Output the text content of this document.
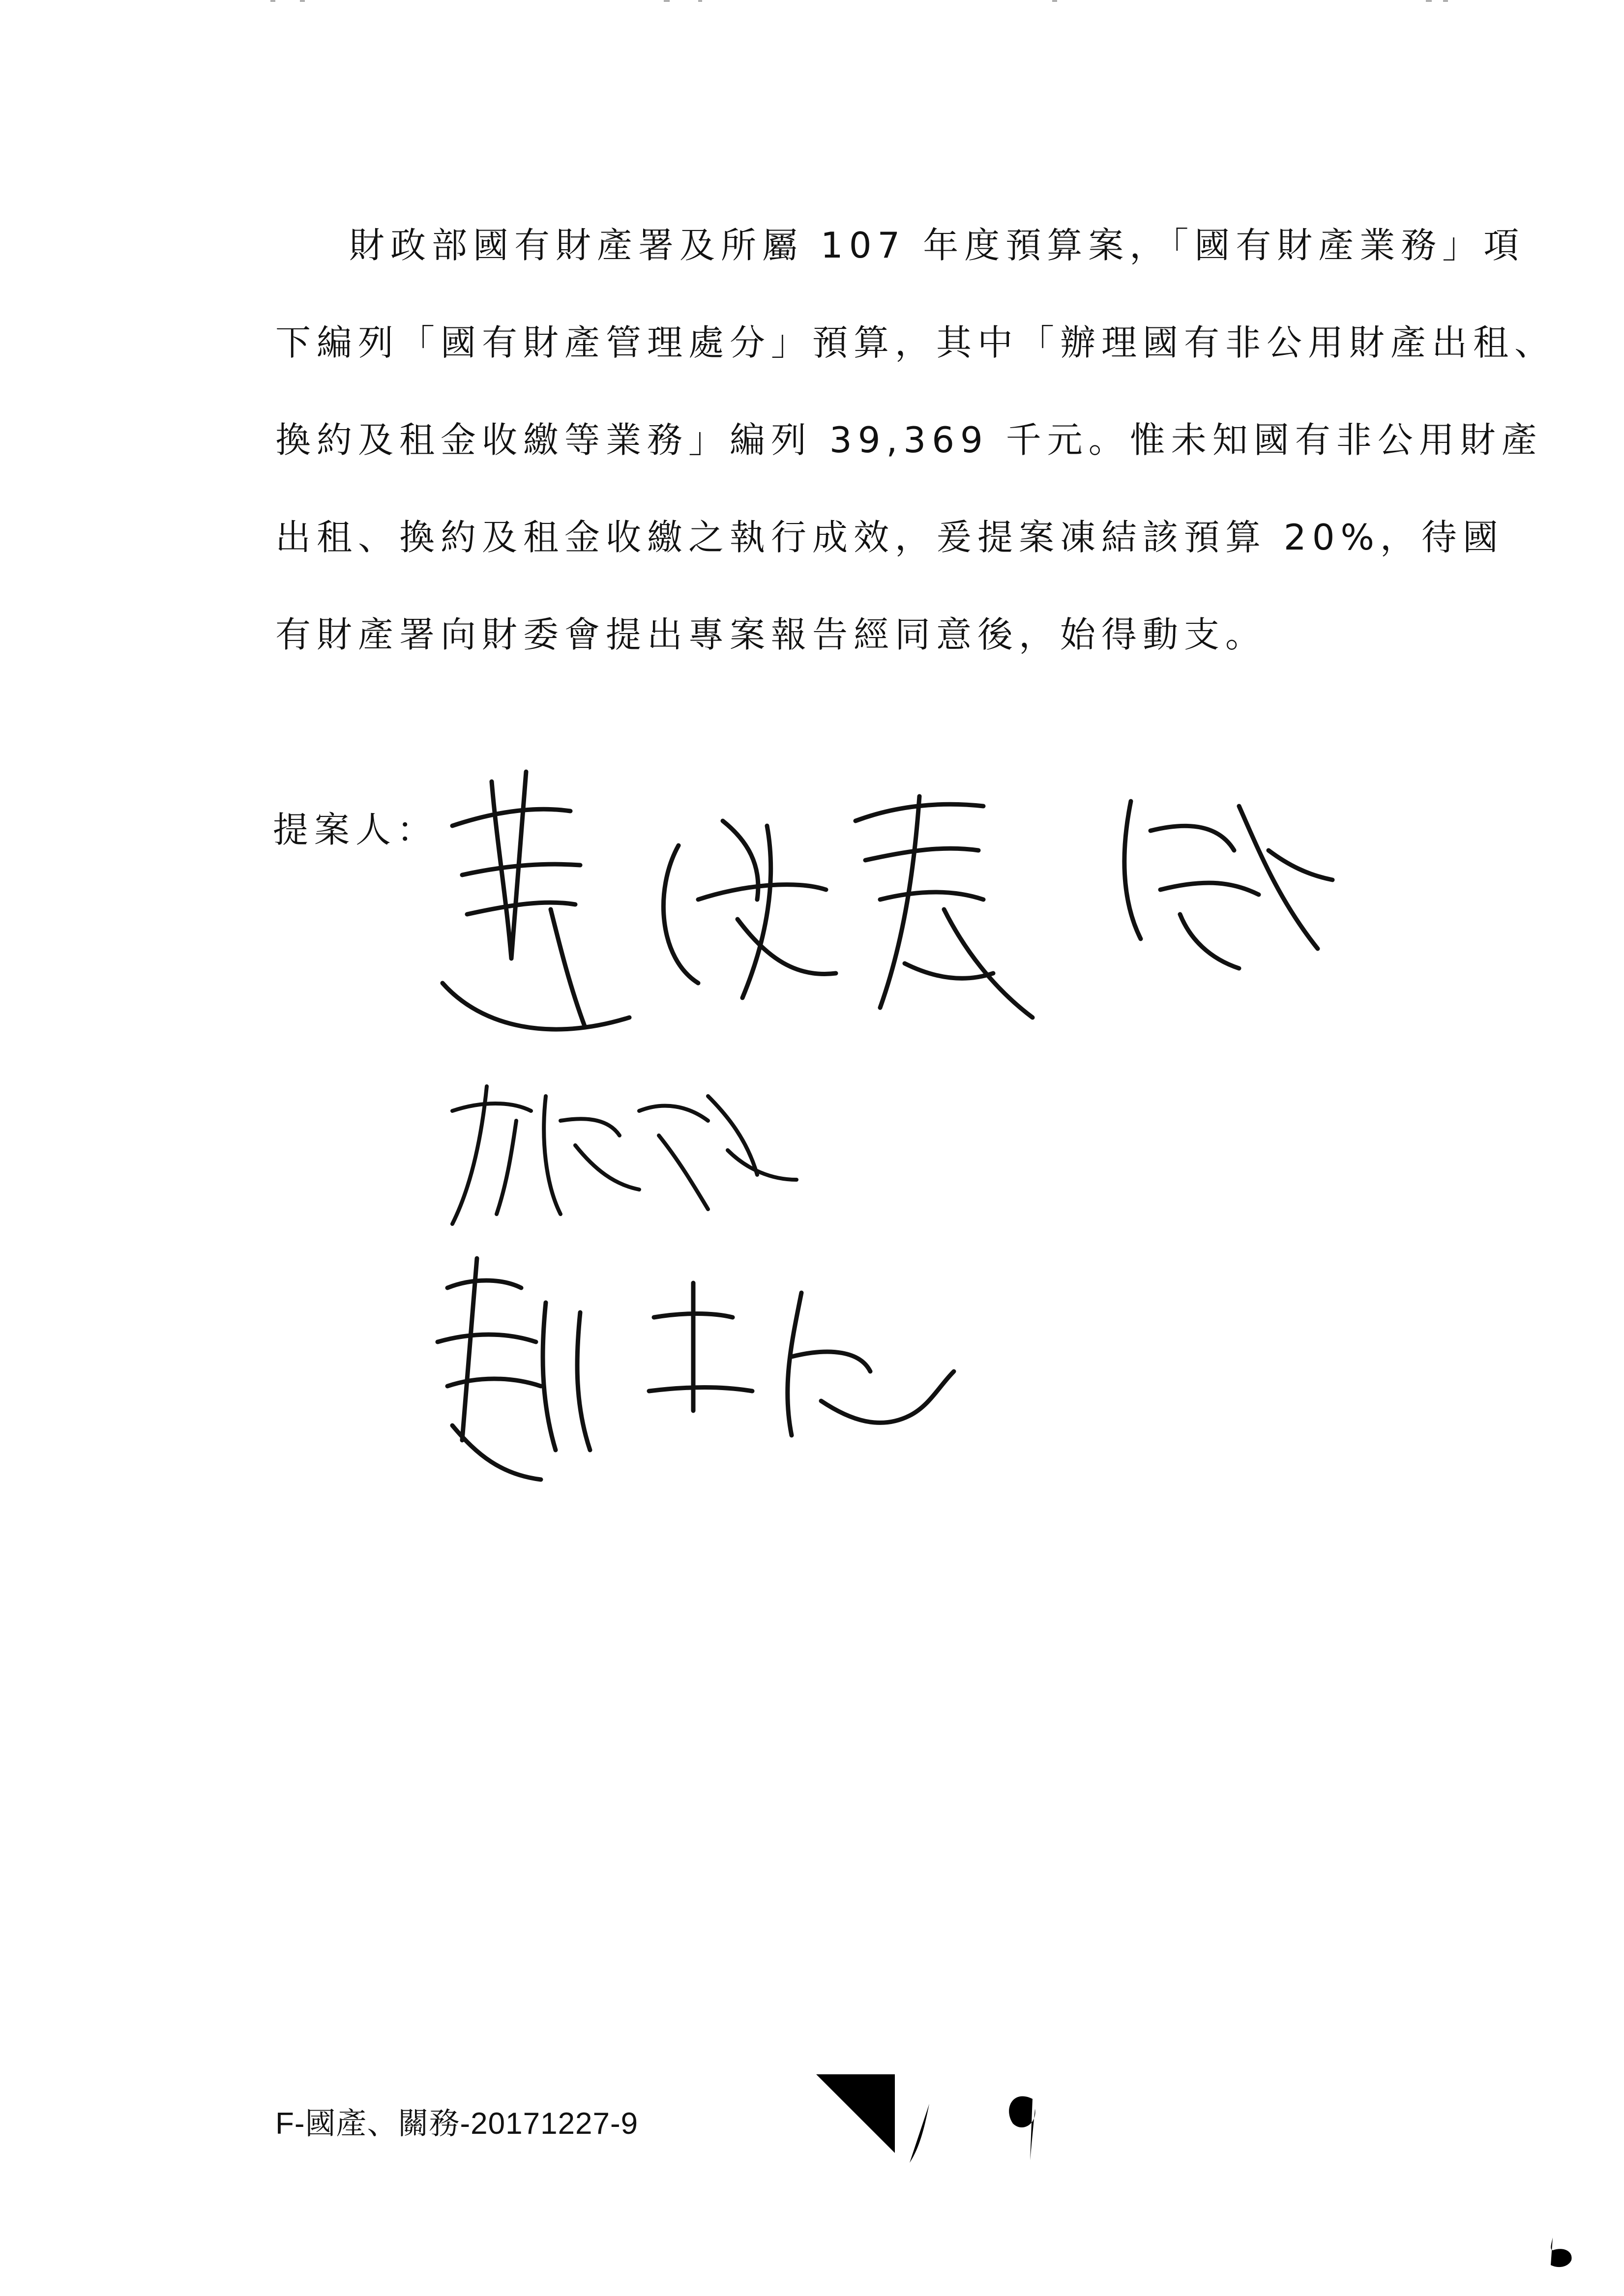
財政部國有財產署及所屬 107 年度預算案，「國有財產業務」項
下編列「國有財產管理處分」預算，其中「辦理國有非公用財產出租、
換約及租金收繳等業務」編列 39,369 千元。惟未知國有非公用財產
出租、換約及租金收繳之執行成效，爰提案凍結該預算 20%，待國
有財產署向財委會提出專案報告經同意後，始得動支。

提案人：
F-國產、關務-20171227-9
